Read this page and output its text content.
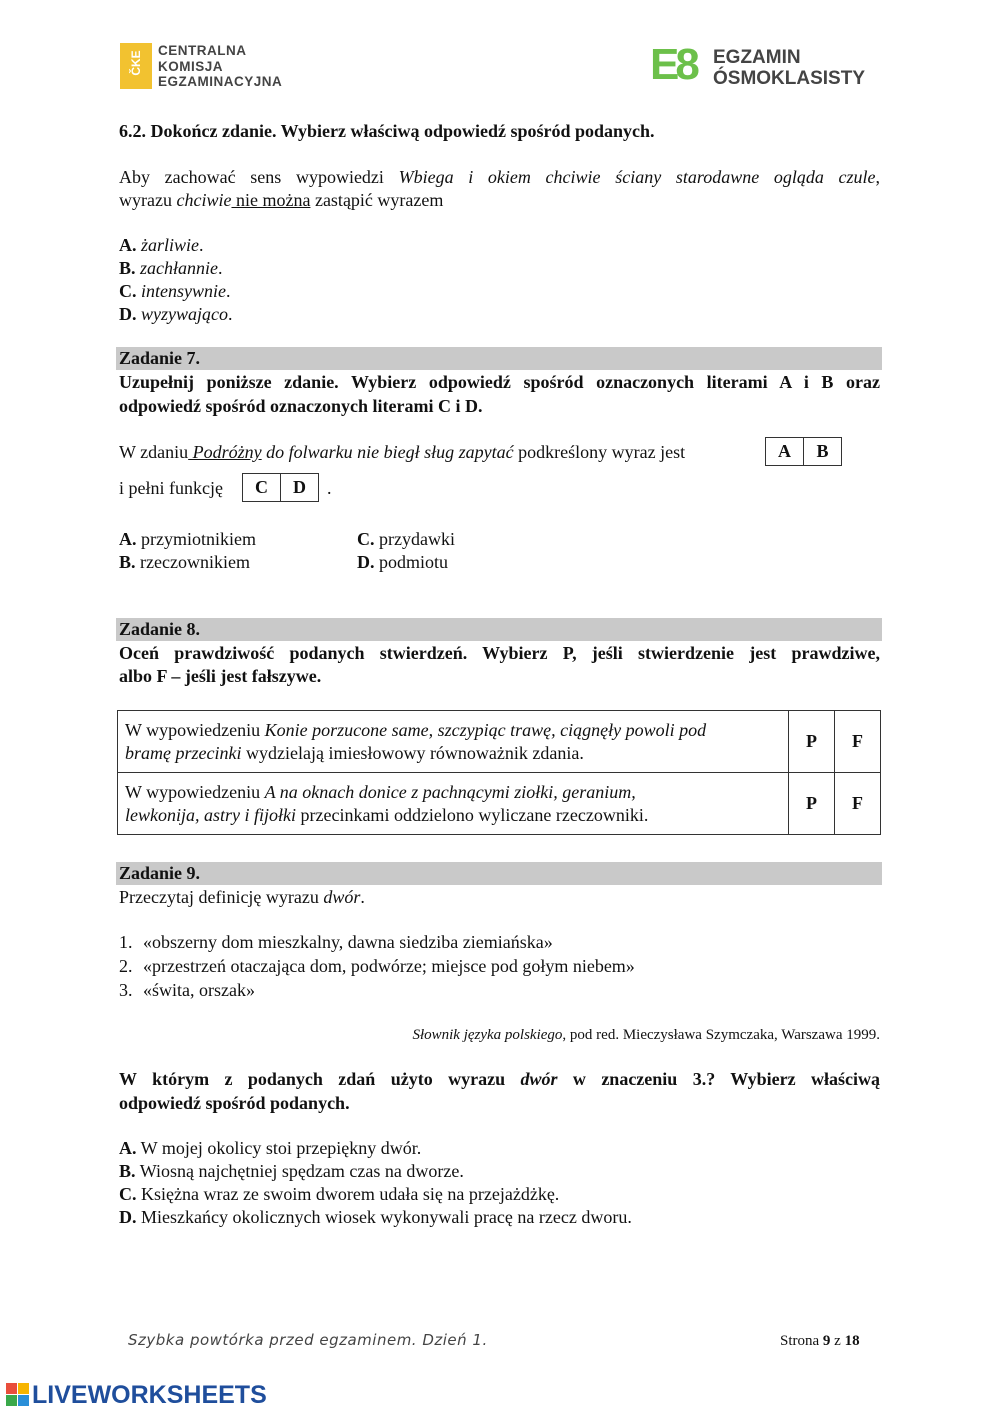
ČKE CENTRALNA
KOMISJA
EGZAMINACYJNA	E8 EGZAMIN
ÓSMOKLASISTY
6.2. Dokończ zdanie. Wybierz właściwą odpowiedź spośród podanych.
Aby zachować sens wypowiedzi Wbiega i okiem chciwie ściany starodawne ogląda czule,
wyrazu chciwie nie można zastąpić wyrazem
A. żarliwie.
B. zachłannie.
C. intensywnie.
D. wyzywająco.
Zadanie 7.
Uzupełnij poniższe zdanie. Wybierz odpowiedź spośród oznaczonych literami A i B oraz
odpowiedź spośród oznaczonych literami C i D.
W zdaniu Podróżny do folwarku nie biegł sług zapytać podkreślony wyraz jest	A	B
i pełni funkcję	C	D	.
A. przymiotnikiem
B. rzeczownikiem
C. przydawki
D. podmiotu
Zadanie 8.
Oceń prawdziwość podanych stwierdzeń. Wybierz P, jeśli stwierdzenie jest prawdziwe,
albo F – jeśli jest fałszywe.
W wypowiedzeniu Konie porzucone same, szczypiąc trawę, ciągnęły powoli pod
bramę przecinki wydzielają imiesłowowy równoważnik zdania.	P	F
W wypowiedzeniu A na oknach donice z pachnącymi ziołki, geranium,
lewkonija, astry i fijołki przecinkami oddzielono wyliczane rzeczowniki.	P	F
Zadanie 9.
Przeczytaj definicję wyrazu dwór.
1. «obszerny dom mieszkalny, dawna siedziba ziemiańska»
2. «przestrzeń otaczająca dom, podwórze; miejsce pod gołym niebem»
3. «świta, orszak»
Słownik języka polskiego, pod red. Mieczysława Szymczaka, Warszawa 1999.
W którym z podanych zdań użyto wyrazu dwór w znaczeniu 3.? Wybierz właściwą
odpowiedź spośród podanych.
A. W mojej okolicy stoi przepiękny dwór.
B. Wiosną najchętniej spędzam czas na dworze.
C. Księżna wraz ze swoim dworem udała się na przejażdżkę.
D. Mieszkańcy okolicznych wiosek wykonywali pracę na rzecz dworu.
Szybka powtórka przed egzaminem. Dzień 1.	Strona 9 z 18
LIVEWORKSHEETS
